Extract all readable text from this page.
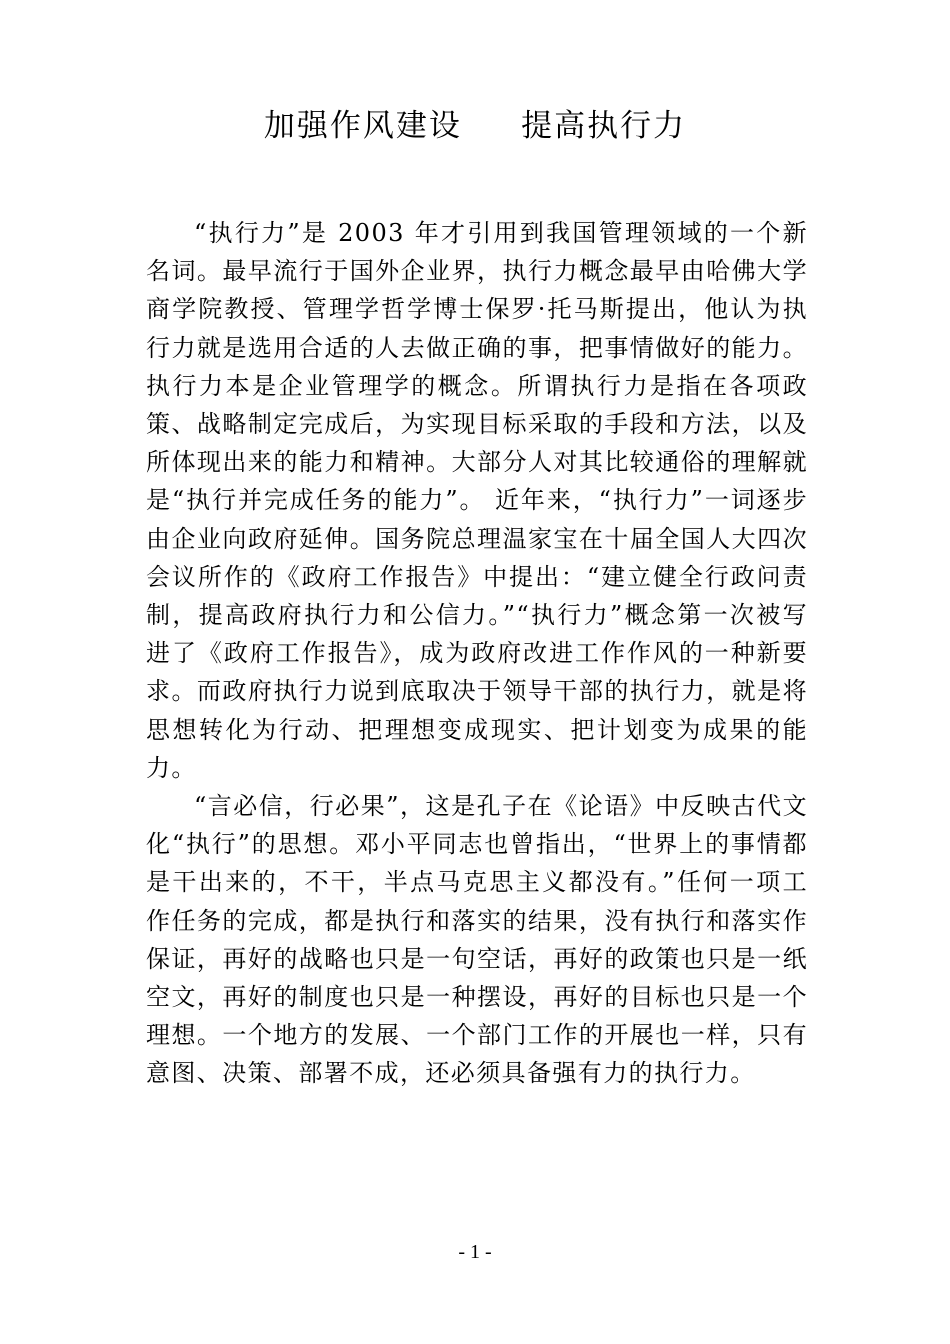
加强作风建设     提高执行力

“执行力”是 2003 年才引用到我国管理领域的一个新名词。最早流行于国外企业界，执行力概念最早由哈佛大学商学院教授、管理学哲学博士保罗·托马斯提出，他认为执行力就是选用合适的人去做正确的事，把事情做好的能力。执行力本是企业管理学的概念。所谓执行力是指在各项政策、战略制定完成后，为实现目标采取的手段和方法，以及所体现出来的能力和精神。大部分人对其比较通俗的理解就是“执行并完成任务的能力”。 近年来，“执行力”一词逐步由企业向政府延伸。国务院总理温家宝在十届全国人大四次会议所作的《政府工作报告》中提出：“建立健全行政问责制，提高政府执行力和公信力。”“执行力”概念第一次被写进了《政府工作报告》，成为政府改进工作作风的一种新要求。而政府执行力说到底取决于领导干部的执行力，就是将思想转化为行动、把理想变成现实、把计划变为成果的能力。

“言必信，行必果”，这是孔子在《论语》中反映古代文化“执行”的思想。邓小平同志也曾指出，“世界上的事情都是干出来的，不干，半点马克思主义都没有。”任何一项工作任务的完成，都是执行和落实的结果，没有执行和落实作保证，再好的战略也只是一句空话，再好的政策也只是一纸空文，再好的制度也只是一种摆设，再好的目标也只是一个理想。一个地方的发展、一个部门工作的开展也一样，只有意图、决策、部署不成，还必须具备强有力的执行力。

- 1 -
